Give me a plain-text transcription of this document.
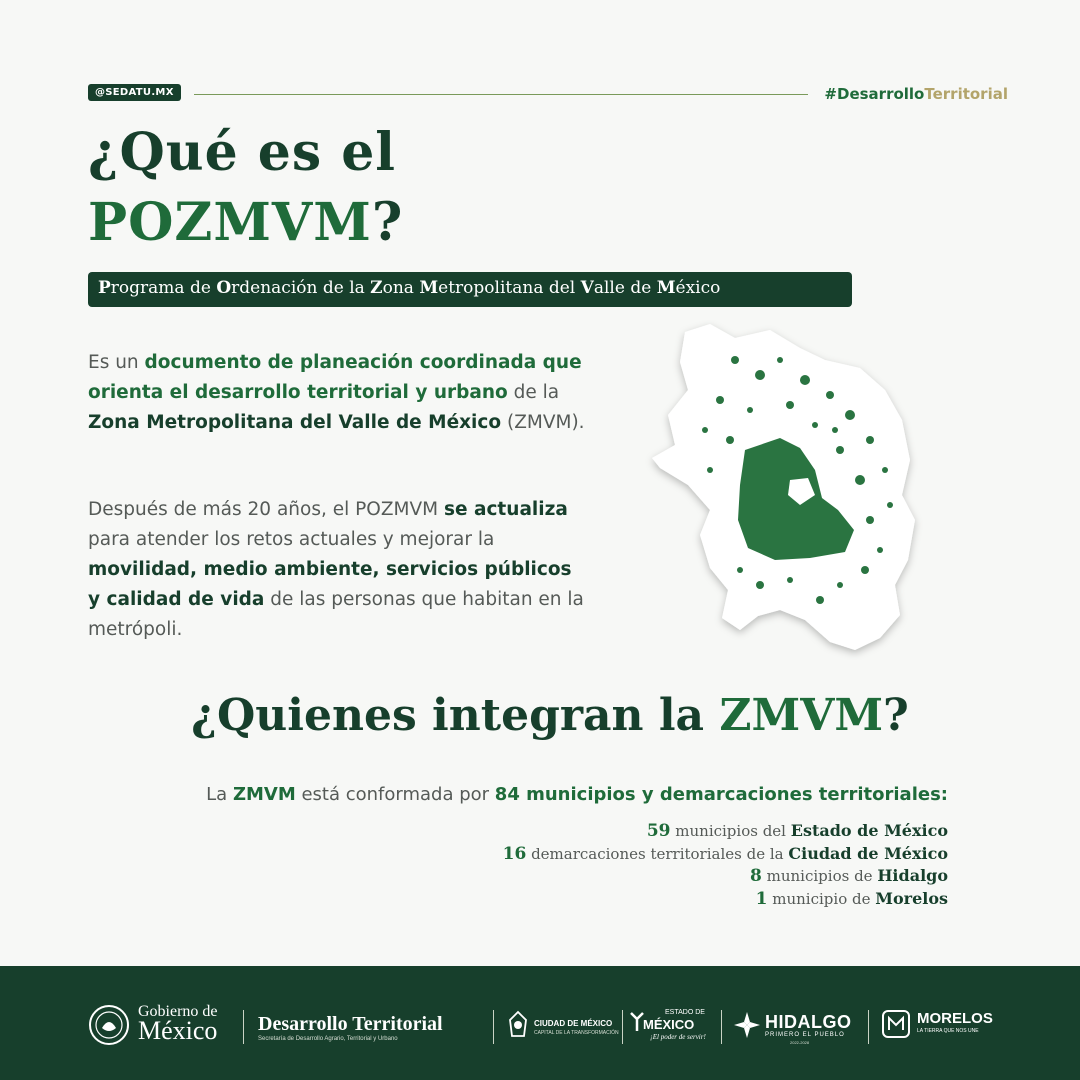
@SEDATU.MX	#DesarrolloTerritorial
¿Qué es el
POZMVM?
Programa de Ordenación de la Zona Metropolitana del Valle de México
Es un documento de planeación coordinada que orienta el desarrollo territorial y urbano de la Zona Metropolitana del Valle de México (ZMVM).
Después de más 20 años, el POZMVM se actualiza para atender los retos actuales y mejorar la movilidad, medio ambiente, servicios públicos y calidad de vida de las personas que habitan en la metrópoli.
¿Quienes integran la ZMVM?
La ZMVM está conformada por 84 municipios y demarcaciones territoriales:
59 municipios del Estado de México
16 demarcaciones territoriales de la Ciudad de México
8 municipios de Hidalgo
1 municipio de Morelos
Gobierno de
México Desarrollo Territorial
Secretaría de Desarrollo Agrario, Territorial y Urbano
CIUDAD DE MÉXICO
CAPITAL DE LA TRANSFORMACIÓN
ESTADO DE
MÉXICO
¡El poder de servir!
HIDALGO
PRIMERO EL PUEBLO
2022-2028
MORELOS
LA TIERRA QUE NOS UNE
